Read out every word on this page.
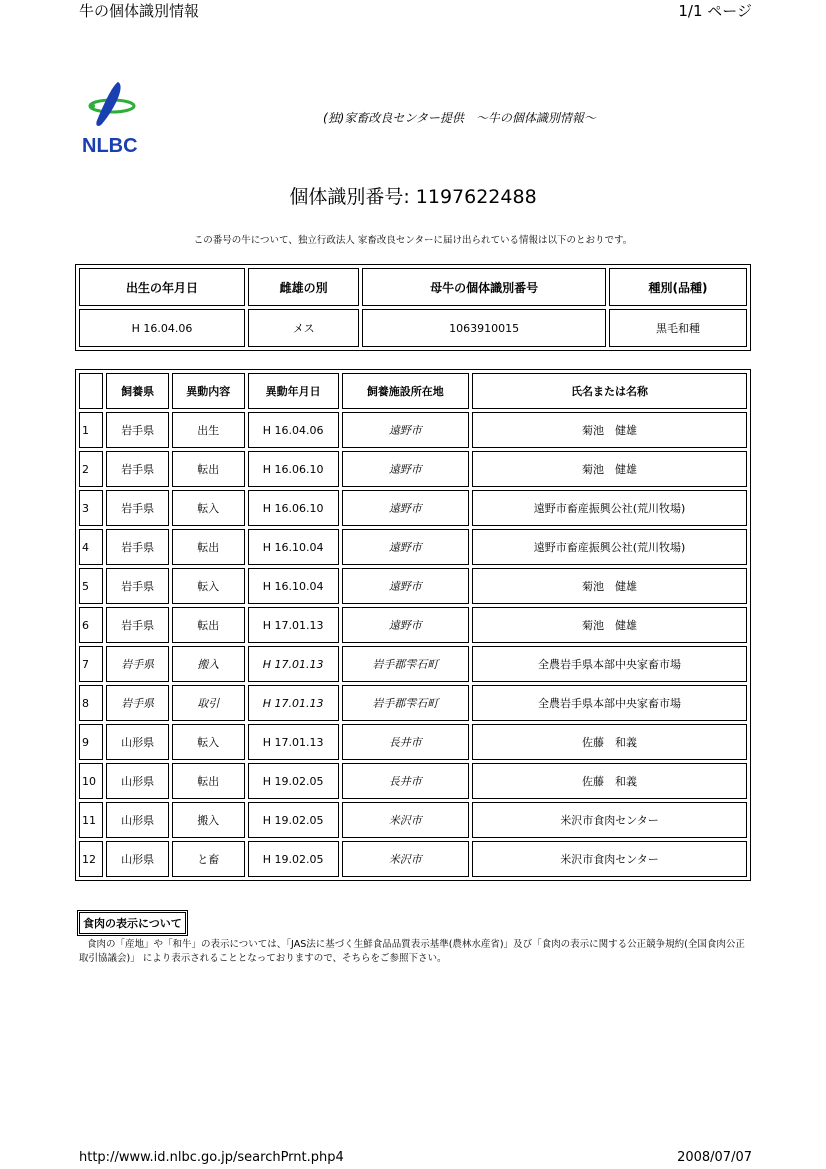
牛の個体識別情報	1/1 ページ
NLBC
(独)家畜改良センター提供　～牛の個体識別情報～
個体識別番号: 1197622488
この番号の牛について、独立行政法人 家畜改良センターに届け出られている情報は以下のとおりです。
出生の年月日	雌雄の別	母牛の個体識別番号	種別(品種)
H 16.04.06	メス	1063910015	黒毛和種
	飼養県	異動内容	異動年月日	飼養施設所在地	氏名または名称
1	岩手県	出生	H 16.04.06	遠野市	菊池　健雄
2	岩手県	転出	H 16.06.10	遠野市	菊池　健雄
3	岩手県	転入	H 16.06.10	遠野市	遠野市畜産振興公社(荒川牧場)
4	岩手県	転出	H 16.10.04	遠野市	遠野市畜産振興公社(荒川牧場)
5	岩手県	転入	H 16.10.04	遠野市	菊池　健雄
6	岩手県	転出	H 17.01.13	遠野市	菊池　健雄
7	岩手県	搬入	H 17.01.13	岩手郡雫石町	全農岩手県本部中央家畜市場
8	岩手県	取引	H 17.01.13	岩手郡雫石町	全農岩手県本部中央家畜市場
9	山形県	転入	H 17.01.13	長井市	佐藤　和義
10	山形県	転出	H 19.02.05	長井市	佐藤　和義
11	山形県	搬入	H 19.02.05	米沢市	米沢市食肉センター
12	山形県	と畜	H 19.02.05	米沢市	米沢市食肉センター
食肉の表示について
食肉の「産地」や「和牛」の表示については、「JAS法に基づく生鮮食品品質表示基準(農林水産省)」及び「食肉の表示に関する公正競争規約(全国食肉公正取引協議会)」 により表示されることとなっておりますので、そちらをご参照下さい。
http://www.id.nlbc.go.jp/searchPrnt.php4	2008/07/07
